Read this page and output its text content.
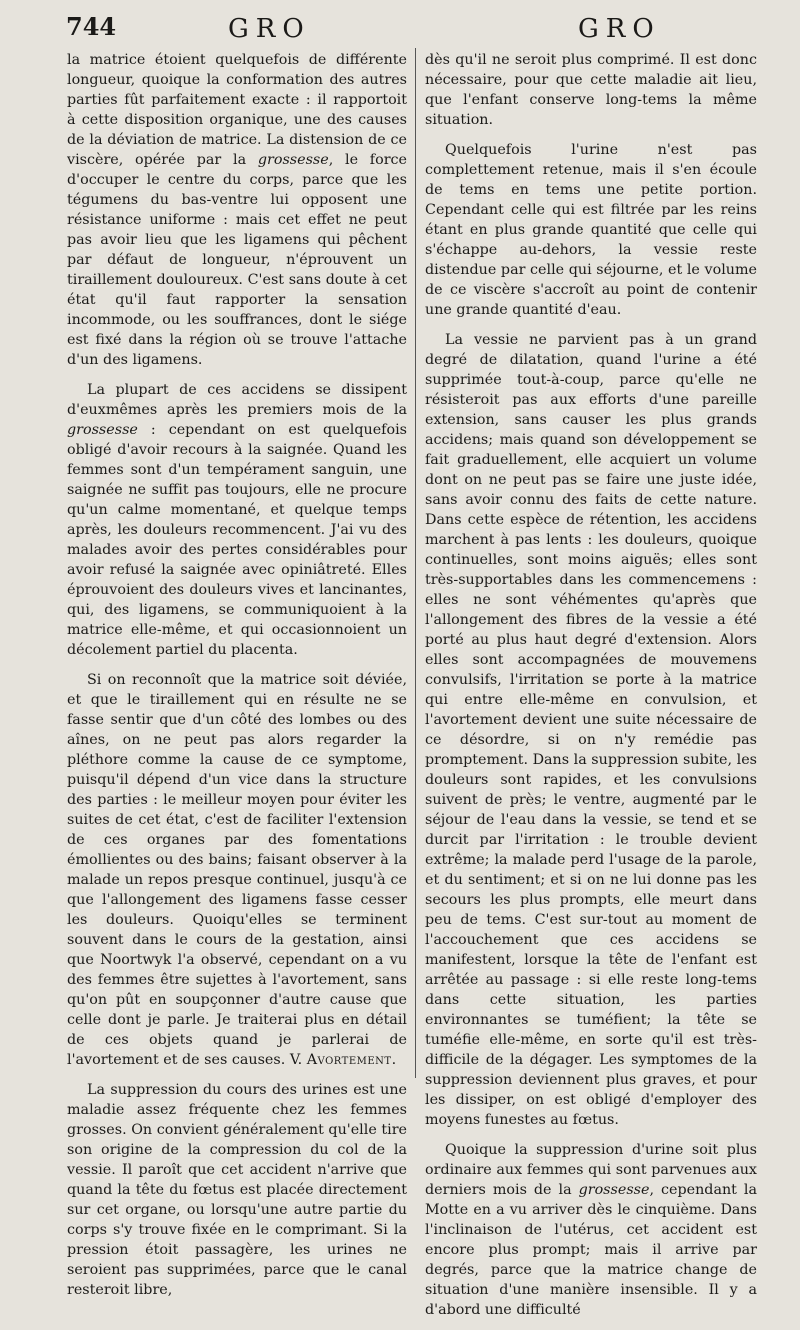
744	GRO	GRO

la matrice étoient quelquefois de différente longueur, quoique la conformation des autres parties fût parfaitement exacte : il rapportoit à cette disposition organique, une des causes de la déviation de matrice. La distension de ce viscère, opérée par la grossesse, le force d'occuper le centre du corps, parce que les tégumens du bas-ventre lui opposent une résistance uniforme : mais cet effet ne peut pas avoir lieu que les ligamens qui pêchent par défaut de longueur, n'éprouvent un tiraillement douloureux. C'est sans doute à cet état qu'il faut rapporter la sensation incommode, ou les souffrances, dont le siége est fixé dans la région où se trouve l'attache d'un des ligamens.

La plupart de ces accidens se dissipent d'euxmêmes après les premiers mois de la grossesse : cependant on est quelquefois obligé d'avoir recours à la saignée. Quand les femmes sont d'un tempérament sanguin, une saignée ne suffit pas toujours, elle ne procure qu'un calme momentané, et quelque temps après, les douleurs recommencent. J'ai vu des malades avoir des pertes considérables pour avoir refusé la saignée avec opiniâtreté. Elles éprouvoient des douleurs vives et lancinantes, qui, des ligamens, se communiquoient à la matrice elle-même, et qui occasionnoient un décolement partiel du placenta.

Si on reconnoît que la matrice soit déviée, et que le tiraillement qui en résulte ne se fasse sentir que d'un côté des lombes ou des aînes, on ne peut pas alors regarder la pléthore comme la cause de ce symptome, puisqu'il dépend d'un vice dans la structure des parties : le meilleur moyen pour éviter les suites de cet état, c'est de faciliter l'extension de ces organes par des fomentations émollientes ou des bains; faisant observer à la malade un repos presque continuel, jusqu'à ce que l'allongement des ligamens fasse cesser les douleurs. Quoiqu'elles se terminent souvent dans le cours de la gestation, ainsi que Noortwyk l'a observé, cependant on a vu des femmes être sujettes à l'avortement, sans qu'on pût en soupçonner d'autre cause que celle dont je parle. Je traiterai plus en détail de ces objets quand je parlerai de l'avortement et de ses causes. V. Avortement.

La suppression du cours des urines est une maladie assez fréquente chez les femmes grosses. On convient généralement qu'elle tire son origine de la compression du col de la vessie. Il paroît que cet accident n'arrive que quand la tête du fœtus est placée directement sur cet organe, ou lorsqu'une autre partie du corps s'y trouve fixée en le comprimant. Si la pression étoit passagère, les urines ne seroient pas supprimées, parce que le canal resteroit libre,

dès qu'il ne seroit plus comprimé. Il est donc nécessaire, pour que cette maladie ait lieu, que l'enfant conserve long-tems la même situation.

Quelquefois l'urine n'est pas complettement retenue, mais il s'en écoule de tems en tems une petite portion. Cependant celle qui est filtrée par les reins étant en plus grande quantité que celle qui s'échappe au-dehors, la vessie reste distendue par celle qui séjourne, et le volume de ce viscère s'accroît au point de contenir une grande quantité d'eau.

La vessie ne parvient pas à un grand degré de dilatation, quand l'urine a été supprimée tout-à-coup, parce qu'elle ne résisteroit pas aux efforts d'une pareille extension, sans causer les plus grands accidens; mais quand son développement se fait graduellement, elle acquiert un volume dont on ne peut pas se faire une juste idée, sans avoir connu des faits de cette nature. Dans cette espèce de rétention, les accidens marchent à pas lents : les douleurs, quoique continuelles, sont moins aiguës; elles sont très-supportables dans les commencemens : elles ne sont véhémentes qu'après que l'allongement des fibres de la vessie a été porté au plus haut degré d'extension. Alors elles sont accompagnées de mouvemens convulsifs, l'irritation se porte à la matrice qui entre elle-même en convulsion, et l'avortement devient une suite nécessaire de ce désordre, si on n'y remédie pas promptement. Dans la suppression subite, les douleurs sont rapides, et les convulsions suivent de près; le ventre, augmenté par le séjour de l'eau dans la vessie, se tend et se durcit par l'irritation : le trouble devient extrême; la malade perd l'usage de la parole, et du sentiment; et si on ne lui donne pas les secours les plus prompts, elle meurt dans peu de tems. C'est sur-tout au moment de l'accouchement que ces accidens se manifestent, lorsque la tête de l'enfant est arrêtée au passage : si elle reste long-tems dans cette situation, les parties environnantes se tuméfient; la tête se tuméfie elle-même, en sorte qu'il est très-difficile de la dégager. Les symptomes de la suppression deviennent plus graves, et pour les dissiper, on est obligé d'employer des moyens funestes au fœtus.

Quoique la suppression d'urine soit plus ordinaire aux femmes qui sont parvenues aux derniers mois de la grossesse, cependant la Motte en a vu arriver dès le cinquième. Dans l'inclinaison de l'utérus, cet accident est encore plus prompt; mais il arrive par degrés, parce que la matrice change de situation d'une manière insensible. Il y a d'abord une difficulté
